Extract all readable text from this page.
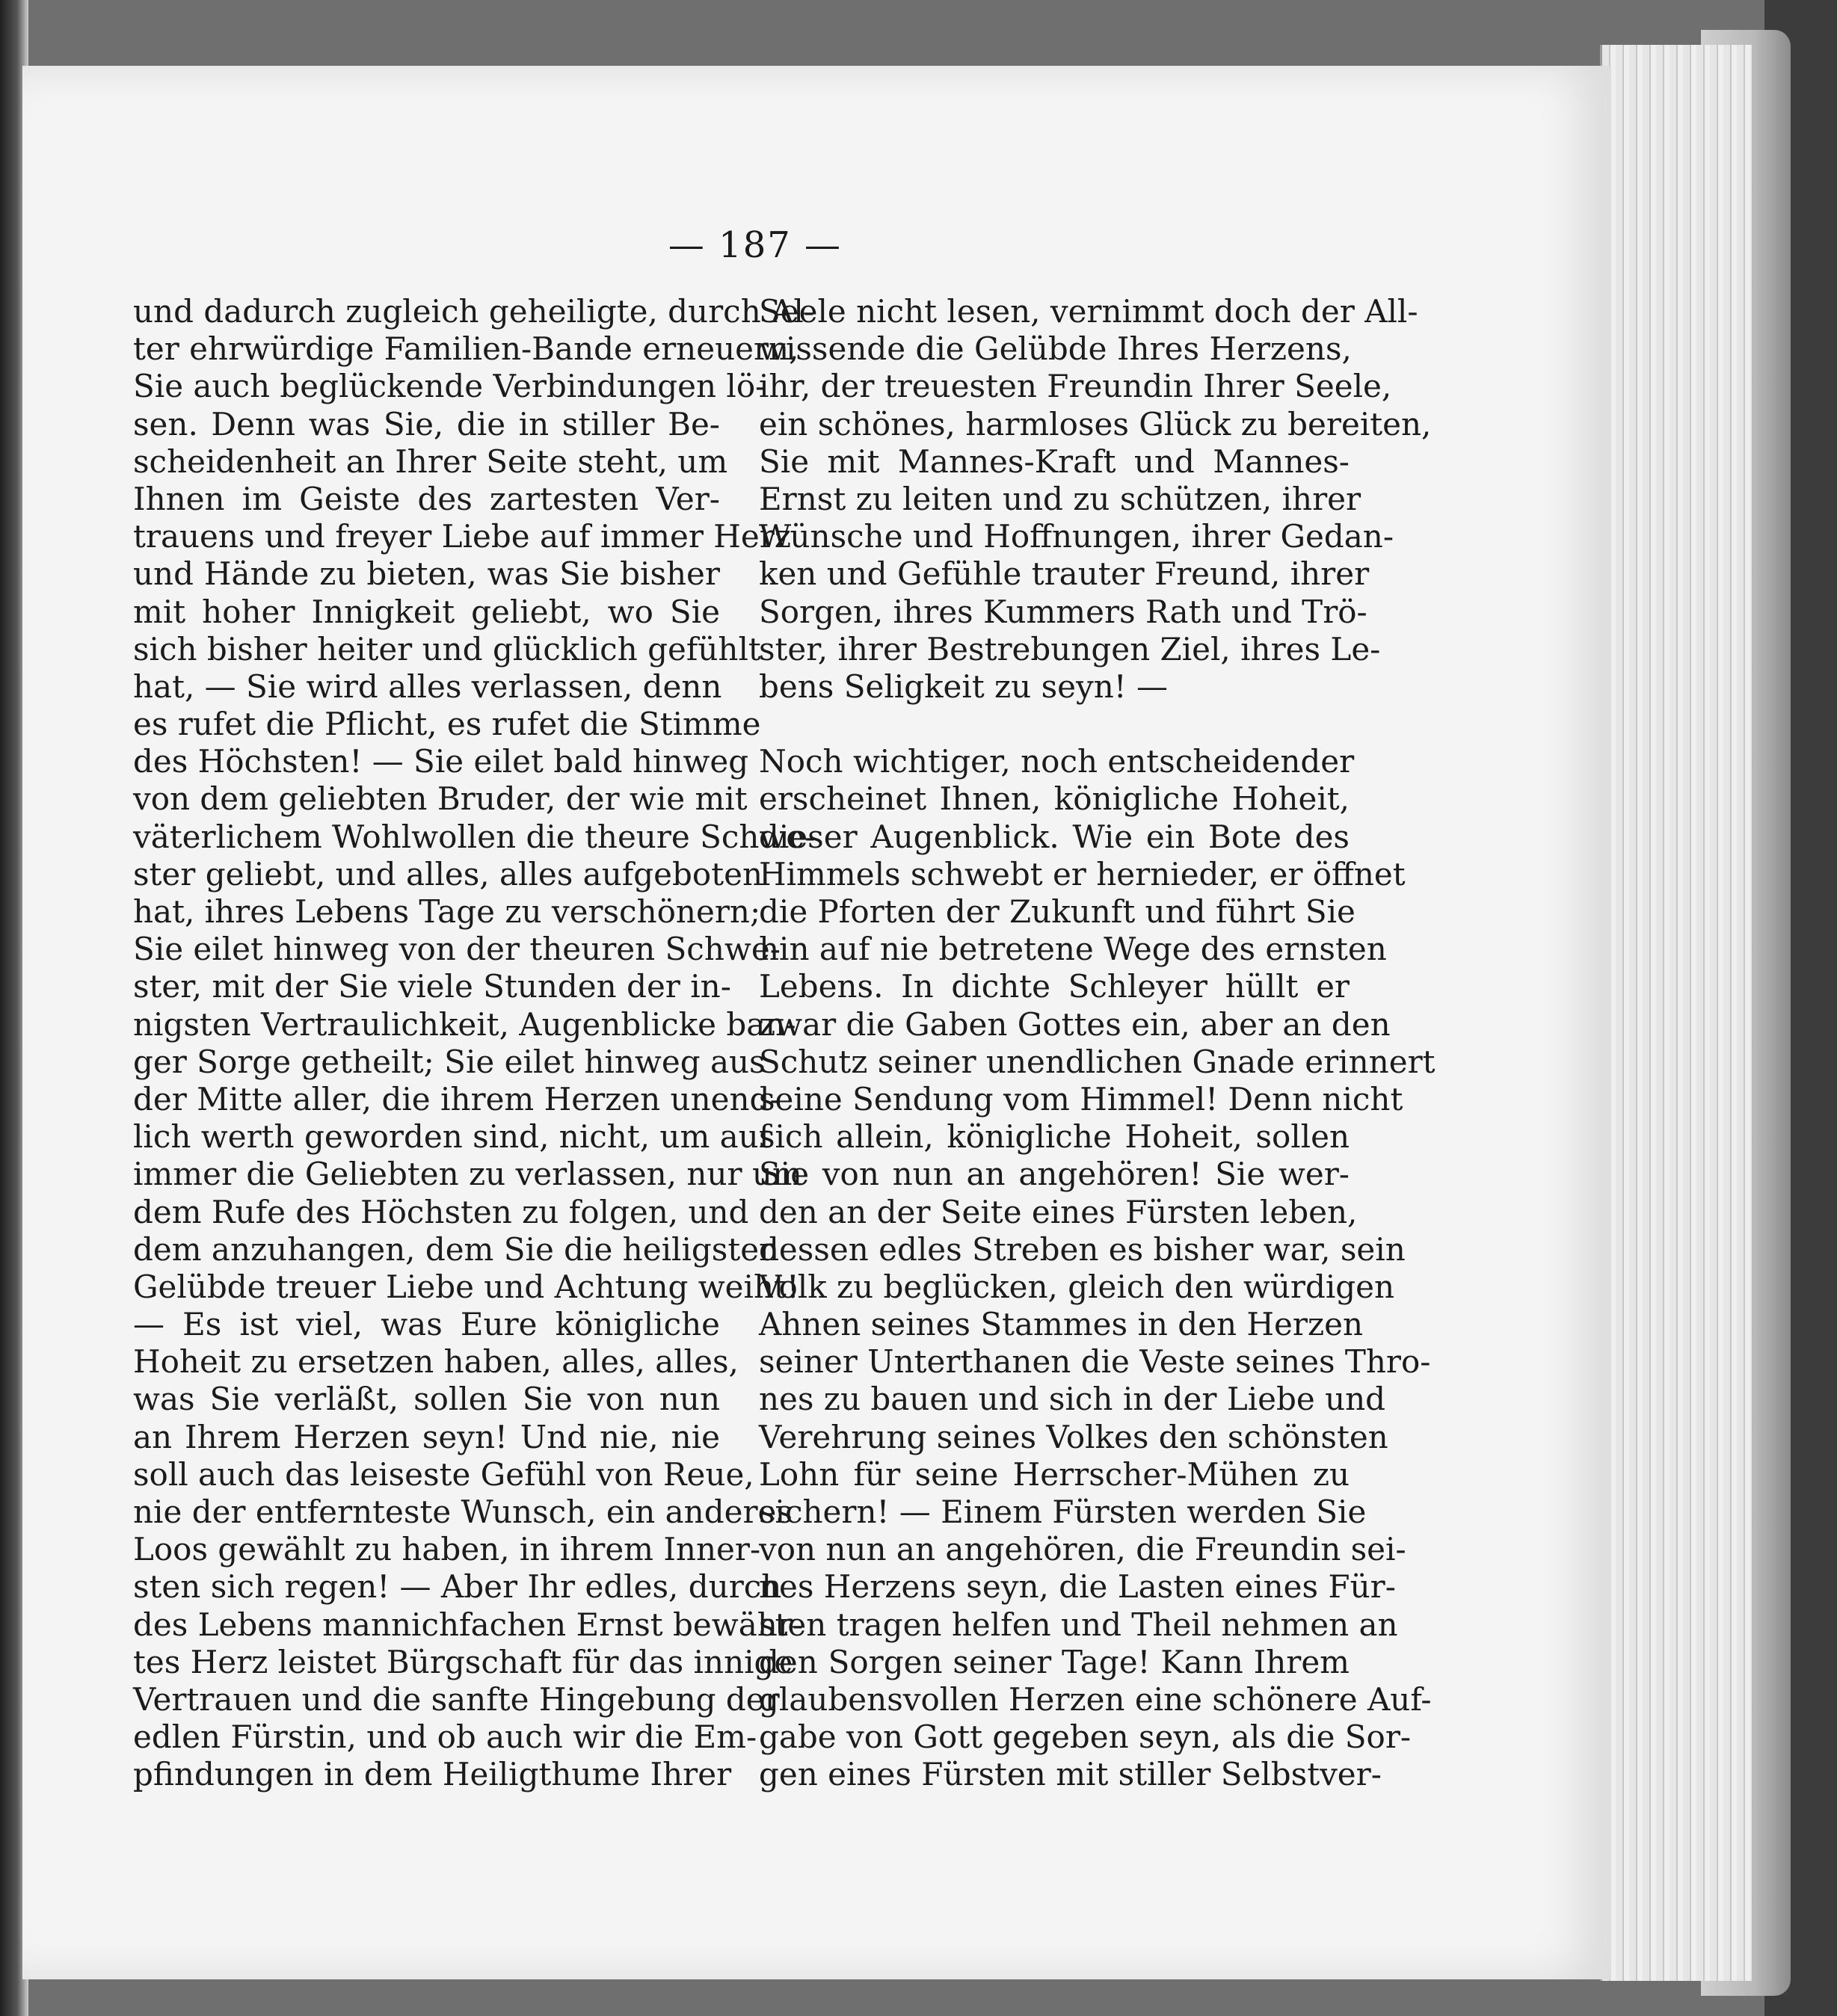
— 187 —
und dadurch zugleich geheiligte, durch Al-
ter ehrwürdige Familien-Bande erneuern,
Sie auch beglückende Verbindungen lö-
sen. Denn was Sie, die in stiller Be-
scheidenheit an Ihrer Seite steht, um
Ihnen im Geiste des zartesten Ver-
trauens und freyer Liebe auf immer Herz
und Hände zu bieten, was Sie bisher
mit hoher Innigkeit geliebt, wo Sie
sich bisher heiter und glücklich gefühlt
hat, — Sie wird alles verlassen, denn
es rufet die Pflicht, es rufet die Stimme
des Höchsten! — Sie eilet bald hinweg
von dem geliebten Bruder, der wie mit
väterlichem Wohlwollen die theure Schwe-
ster geliebt, und alles, alles aufgeboten
hat, ihres Lebens Tage zu verschönern;
Sie eilet hinweg von der theuren Schwe-
ster, mit der Sie viele Stunden der in-
nigsten Vertraulichkeit, Augenblicke ban-
ger Sorge getheilt; Sie eilet hinweg aus
der Mitte aller, die ihrem Herzen unend-
lich werth geworden sind, nicht, um auf
immer die Geliebten zu verlassen, nur um
dem Rufe des Höchsten zu folgen, und
dem anzuhangen, dem Sie die heiligsten
Gelübde treuer Liebe und Achtung weiht!
— Es ist viel, was Eure königliche
Hoheit zu ersetzen haben, alles, alles,
was Sie verläßt, sollen Sie von nun
an Ihrem Herzen seyn! Und nie, nie
soll auch das leiseste Gefühl von Reue,
nie der entfernteste Wunsch, ein anderes
Loos gewählt zu haben, in ihrem Inner-
sten sich regen! — Aber Ihr edles, durch
des Lebens mannichfachen Ernst bewähr-
tes Herz leistet Bürgschaft für das innige
Vertrauen und die sanfte Hingebung der
edlen Fürstin, und ob auch wir die Em-
pfindungen in dem Heiligthume Ihrer
Seele nicht lesen, vernimmt doch der All-
wissende die Gelübde Ihres Herzens,
ihr, der treuesten Freundin Ihrer Seele,
ein schönes, harmloses Glück zu bereiten,
Sie mit Mannes-Kraft und Mannes-
Ernst zu leiten und zu schützen, ihrer
Wünsche und Hoffnungen, ihrer Gedan-
ken und Gefühle trauter Freund, ihrer
Sorgen, ihres Kummers Rath und Trö-
ster, ihrer Bestrebungen Ziel, ihres Le-
bens Seligkeit zu seyn! —
Noch wichtiger, noch entscheidender
erscheinet Ihnen, königliche Hoheit,
dieser Augenblick. Wie ein Bote des
Himmels schwebt er hernieder, er öffnet
die Pforten der Zukunft und führt Sie
hin auf nie betretene Wege des ernsten
Lebens. In dichte Schleyer hüllt er
zwar die Gaben Gottes ein, aber an den
Schutz seiner unendlichen Gnade erinnert
seine Sendung vom Himmel! Denn nicht
sich allein, königliche Hoheit, sollen
Sie von nun an angehören! Sie wer-
den an der Seite eines Fürsten leben,
dessen edles Streben es bisher war, sein
Volk zu beglücken, gleich den würdigen
Ahnen seines Stammes in den Herzen
seiner Unterthanen die Veste seines Thro-
nes zu bauen und sich in der Liebe und
Verehrung seines Volkes den schönsten
Lohn für seine Herrscher-Mühen zu
sichern! — Einem Fürsten werden Sie
von nun an angehören, die Freundin sei-
nes Herzens seyn, die Lasten eines Für-
sten tragen helfen und Theil nehmen an
den Sorgen seiner Tage! Kann Ihrem
glaubensvollen Herzen eine schönere Auf-
gabe von Gott gegeben seyn, als die Sor-
gen eines Fürsten mit stiller Selbstver-
